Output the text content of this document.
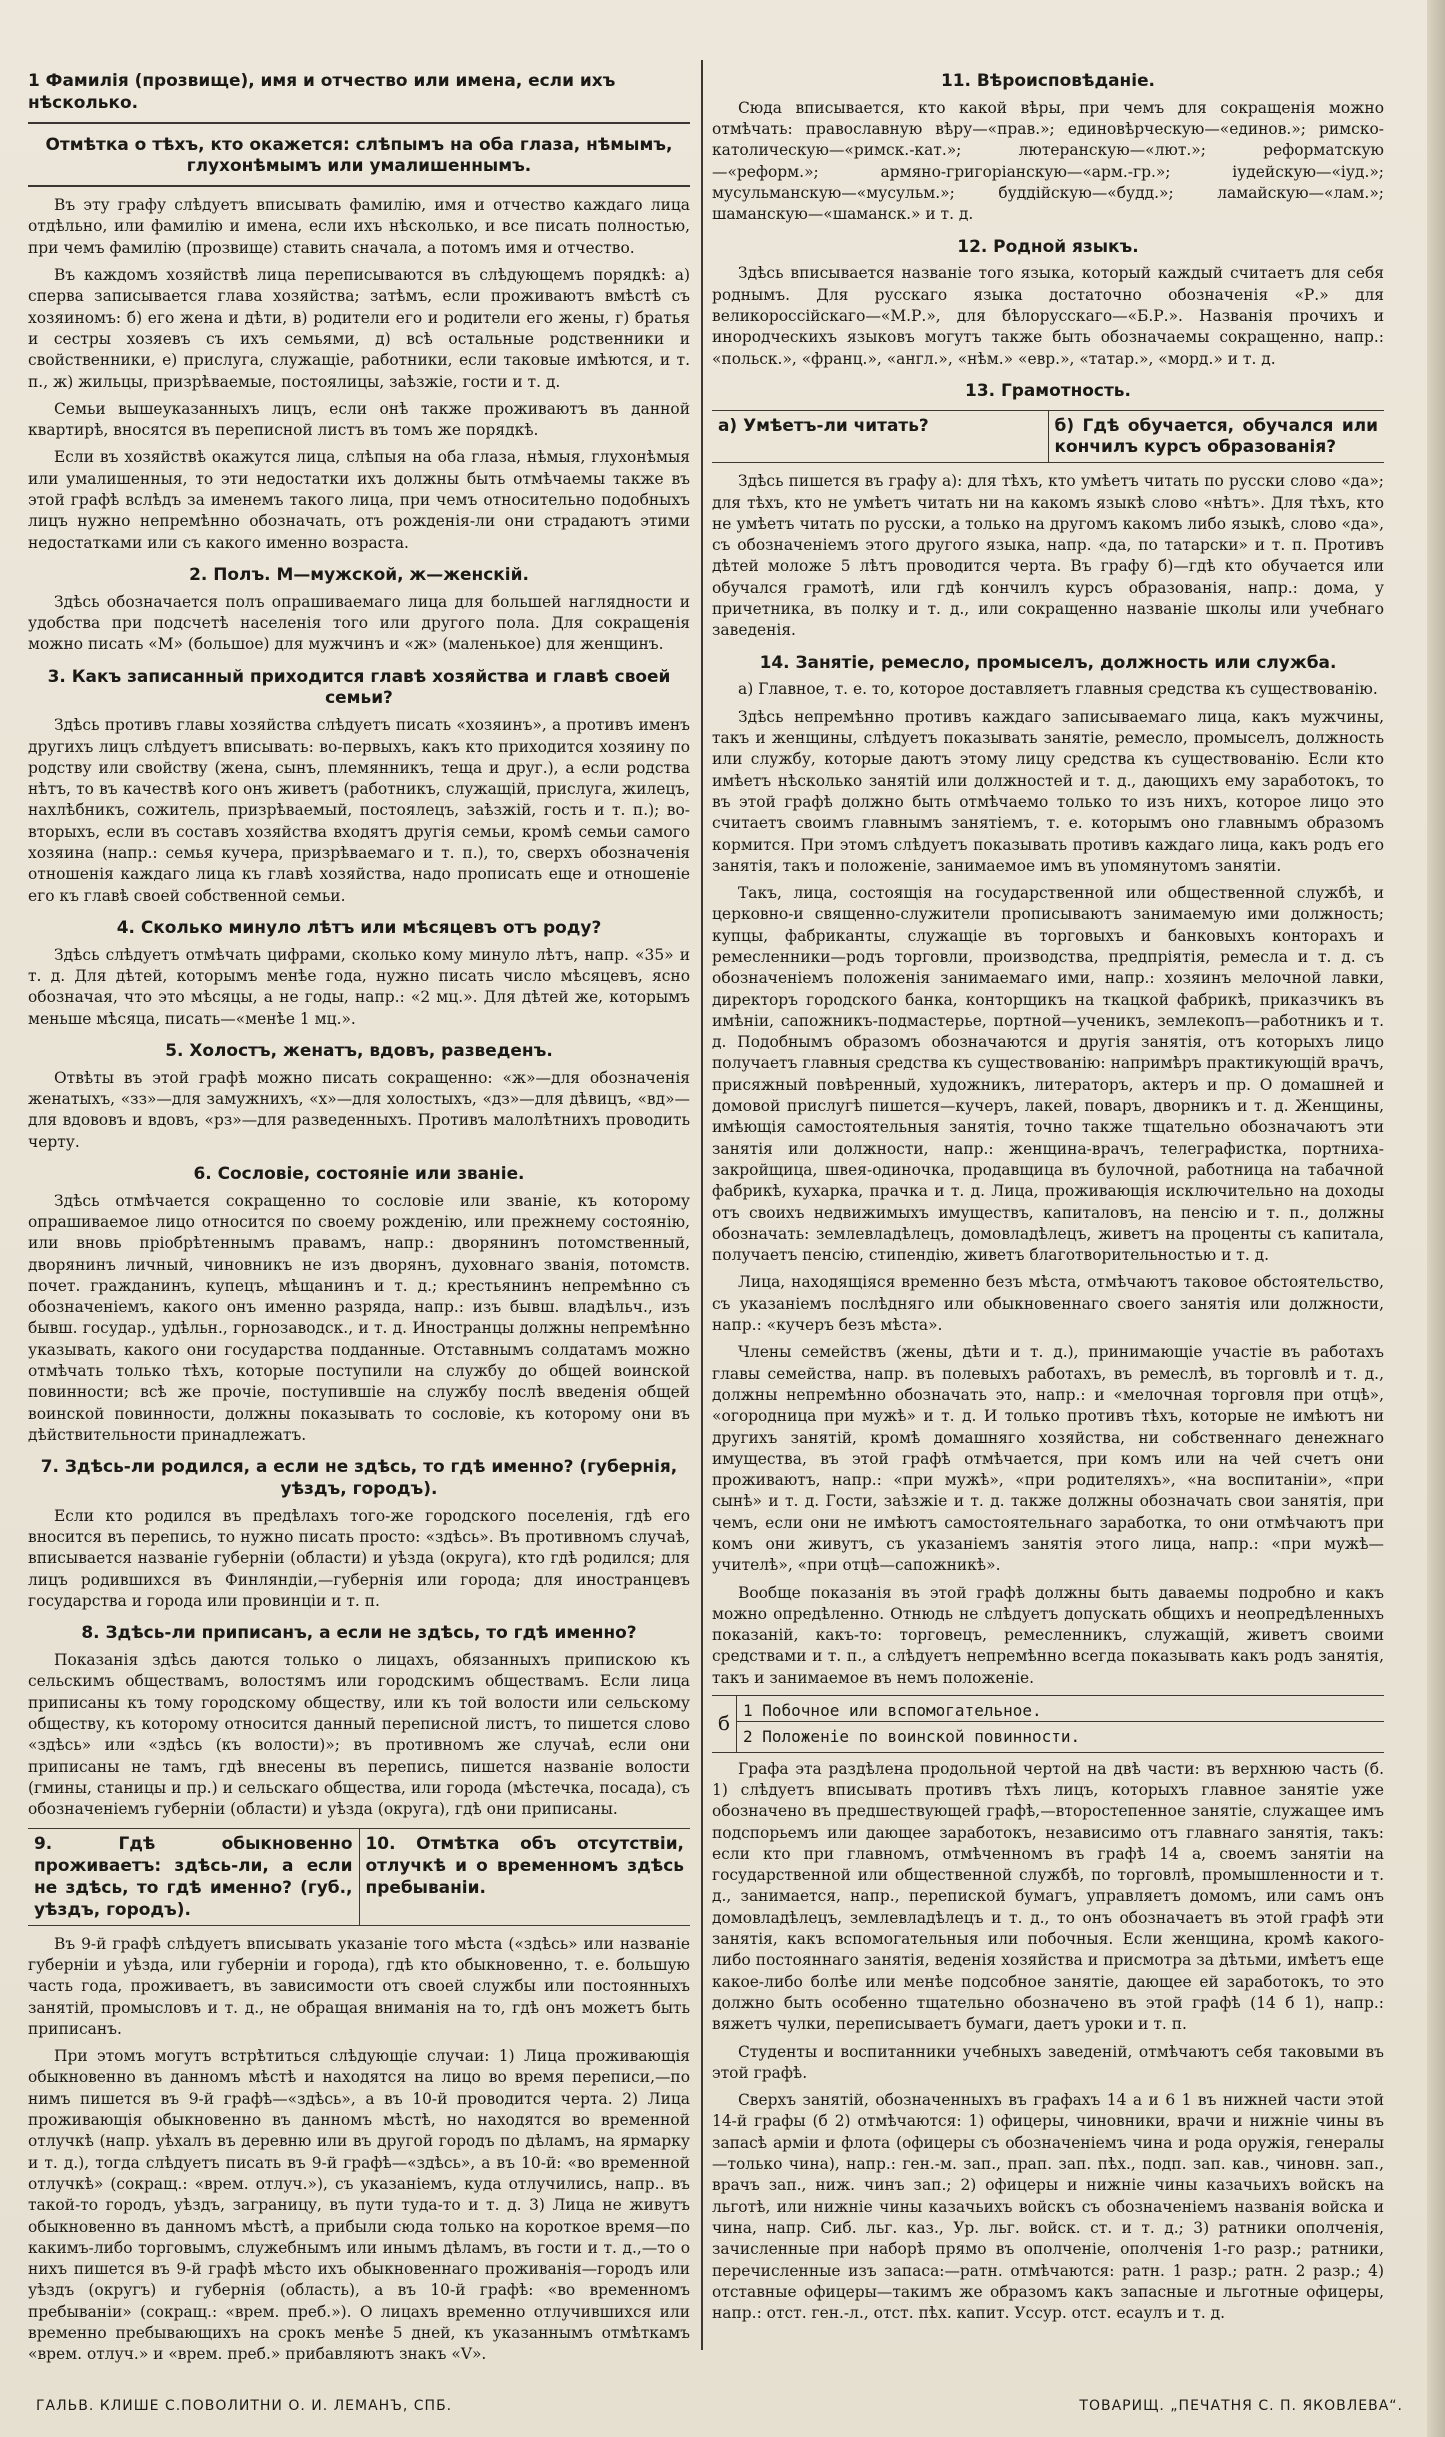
1 Фамилія (прозвище), имя и отчество или имена, если ихъ нѣсколько.
Отмѣтка о тѣхъ, кто окажется: слѣпымъ на оба глаза, нѣмымъ, глухонѣмымъ или умалишеннымъ.

Въ эту графу слѣдуетъ вписывать фамилію, имя и отчество каждаго лица отдѣльно, или фамилію и имена, если ихъ нѣсколько, и все писать полностью, при чемъ фамилію (прозвище) ставить сначала, а потомъ имя и отчество.

Въ каждомъ хозяйствѣ лица переписываются въ слѣдующемъ порядкѣ: а) сперва записывается глава хозяйства; затѣмъ, если проживаютъ вмѣстѣ съ хозяиномъ: б) его жена и дѣти, в) родители его и родители его жены, г) братья и сестры хозяевъ съ ихъ семьями, д) всѣ остальные родственники и свойственники, е) прислуга, служащіе, работники, если таковые имѣются, и т. п., ж) жильцы, призрѣваемые, постоялицы, заѣзжіе, гости и т. д.

Семьи вышеуказанныхъ лицъ, если онѣ также проживаютъ въ данной квартирѣ, вносятся въ переписной листъ въ томъ же порядкѣ.

Если въ хозяйствѣ окажутся лица, слѣпыя на оба глаза, нѣмыя, глухонѣмыя или умалишенныя, то эти недостатки ихъ должны быть отмѣчаемы также въ этой графѣ вслѣдъ за именемъ такого лица, при чемъ относительно подобныхъ лицъ нужно непремѣнно обозначать, отъ рожденія-ли они страдаютъ этими недостатками или съ какого именно возраста.

2. Полъ. М—мужской, ж—женскій.

Здѣсь обозначается полъ опрашиваемаго лица для большей наглядности и удобства при подсчетѣ населенія того или другого пола. Для сокращенія можно писать «М» (большое) для мужчинъ и «ж» (маленькое) для женщинъ.

3. Какъ записанный приходится главѣ хозяйства и главѣ своей семьи?

Здѣсь противъ главы хозяйства слѣдуетъ писать «хозяинъ», а противъ именъ другихъ лицъ слѣдуетъ вписывать: во-первыхъ, какъ кто приходится хозяину по родству или свойству (жена, сынъ, племянникъ, теща и друг.), а если родства нѣтъ, то въ качествѣ кого онъ живетъ (работникъ, служащій, прислуга, жилецъ, нахлѣбникъ, сожитель, призрѣваемый, постоялецъ, заѣзжій, гость и т. п.); во-вторыхъ, если въ составъ хозяйства входятъ другія семьи, кромѣ семьи самого хозяина (напр.: семья кучера, призрѣваемаго и т. п.), то, сверхъ обозначенія отношенія каждаго лица къ главѣ хозяйства, надо прописать еще и отношеніе его къ главѣ своей собственной семьи.

4. Сколько минуло лѣтъ или мѣсяцевъ отъ роду?

Здѣсь слѣдуетъ отмѣчать цифрами, сколько кому минуло лѣтъ, напр. «35» и т. д. Для дѣтей, которымъ менѣе года, нужно писать число мѣсяцевъ, ясно обозначая, что это мѣсяцы, а не годы, напр.: «2 мц.». Для дѣтей же, которымъ меньше мѣсяца, писать—«менѣе 1 мц.».

5. Холостъ, женатъ, вдовъ, разведенъ.

Отвѣты въ этой графѣ можно писать сокращенно: «ж»—для обозначенія женатыхъ, «зз»—для замужнихъ, «х»—для холостыхъ, «дз»—для дѣвицъ, «вд»—для вдововъ и вдовъ, «рз»—для разведенныхъ. Противъ малолѣтнихъ проводить черту.

6. Сословіе, состояніе или званіе.

Здѣсь отмѣчается сокращенно то сословіе или званіе, къ которому опрашиваемое лицо относится по своему рожденію, или прежнему состоянію, или вновь пріобрѣтеннымъ правамъ, напр.: дворянинъ потомственный, дворянинъ личный, чиновникъ не изъ дворянъ, духовнаго званія, потомств. почет. гражданинъ, купецъ, мѣщанинъ и т. д.; крестьянинъ непремѣнно съ обозначеніемъ, какого онъ именно разряда, напр.: изъ бывш. владѣльч., изъ бывш. государ., удѣльн., горнозаводск., и т. д. Иностранцы должны непремѣнно указывать, какого они государства подданные. Отставнымъ солдатамъ можно отмѣчать только тѣхъ, которые поступили на службу до общей воинской повинности; всѣ же прочіе, поступившіе на службу послѣ введенія общей воинской повинности, должны показывать то сословіе, къ которому они въ дѣйствительности принадлежатъ.

7. Здѣсь-ли родился, а если не здѣсь, то гдѣ именно? (губернія, уѣздъ, городъ).

Если кто родился въ предѣлахъ того-же городского поселенія, гдѣ его вносится въ перепись, то нужно писать просто: «здѣсь». Въ противномъ случаѣ, вписывается названіе губерніи (области) и уѣзда (округа), кто гдѣ родился; для лицъ родившихся въ Финляндіи,—губернія или города; для иностранцевъ государства и города или провинціи и т. п.

8. Здѣсь-ли приписанъ, а если не здѣсь, то гдѣ именно?

Показанія здѣсь даются только о лицахъ, обязанныхъ припискою къ сельскимъ обществамъ, волостямъ или городскимъ обществамъ. Если лица приписаны къ тому городскому обществу, или къ той волости или сельскому обществу, къ которому относится данный переписной листъ, то пишется слово «здѣсь» или «здѣсь (къ волости)»; въ противномъ же случаѣ, если они приписаны не тамъ, гдѣ внесены въ перепись, пишется названіе волости (гмины, станицы и пр.) и сельскаго общества, или города (мѣстечка, посада), съ обозначеніемъ губерніи (области) и уѣзда (округа), гдѣ они приписаны.

9. Гдѣ обыкновенно проживаетъ: здѣсь-ли, а если не здѣсь, то гдѣ именно? (губ., уѣздъ, городъ).
10. Отмѣтка объ отсутствіи, отлучкѣ и о временномъ здѣсь пребываніи.

Въ 9-й графѣ слѣдуетъ вписывать указаніе того мѣста («здѣсь» или названіе губерніи и уѣзда, или губерніи и города), гдѣ кто обыкновенно, т. е. большую часть года, проживаетъ, въ зависимости отъ своей службы или постоянныхъ занятій, промысловъ и т. д., не обращая вниманія на то, гдѣ онъ можетъ быть приписанъ.

При этомъ могутъ встрѣтиться слѣдующіе случаи: 1) Лица проживающія обыкновенно въ данномъ мѣстѣ и находятся на лицо во время переписи,—по нимъ пишется въ 9-й графѣ—«здѣсь», а въ 10-й проводится черта. 2) Лица проживающія обыкновенно въ данномъ мѣстѣ, но находятся во временной отлучкѣ (напр. уѣхалъ въ деревню или въ другой городъ по дѣламъ, на ярмарку и т. д.), тогда слѣдуетъ писать въ 9-й графѣ—«здѣсь», а въ 10-й: «во временной отлучкѣ» (сокращ.: «врем. отлуч.»), съ указаніемъ, куда отлучились, напр.. въ такой-то городъ, уѣздъ, заграницу, въ пути туда-то и т. д. 3) Лица не живутъ обыкновенно въ данномъ мѣстѣ, а прибыли сюда только на короткое время—по какимъ-либо торговымъ, служебнымъ или инымъ дѣламъ, въ гости и т. д.,—то о нихъ пишется въ 9-й графѣ мѣсто ихъ обыкновеннаго проживанія—городъ или уѣздъ (округъ) и губернія (область), а въ 10-й графѣ: «во временномъ пребываніи» (сокращ.: «врем. преб.»). О лицахъ временно отлучившихся или временно пребывающихъ на срокъ менѣе 5 дней, къ указаннымъ отмѣткамъ «врем. отлуч.» и «врем. преб.» прибавляютъ знакъ «V».

11. Вѣроисповѣданіе.

Сюда вписывается, кто какой вѣры, при чемъ для сокращенія можно отмѣчать: православную вѣру—«прав.»; единовѣрческую—«единов.»; римско-католическую—«римск.-кат.»; лютеранскую—«лют.»; реформатскую—«реформ.»; армяно-григоріанскую—«арм.-гр.»; іудейскую—«іуд.»; мусульманскую—«мусульм.»; буддійскую—«будд.»; ламайскую—«лам.»; шаманскую—«шаманск.» и т. д.

12. Родной языкъ.

Здѣсь вписывается названіе того языка, который каждый считаетъ для себя роднымъ. Для русскаго языка достаточно обозначенія «Р.» для великороссійскаго—«М.Р.», для бѣлорусскаго—«Б.Р.». Названія прочихъ и инородческихъ языковъ могутъ также быть обозначаемы сокращенно, напр.: «польск.», «франц.», «англ.», «нѣм.» «евр.», «татар.», «морд.» и т. д.

13. Грамотность.
а) Умѣетъ-ли читать?	б) Гдѣ обучается, обучался или кончилъ курсъ образованія?

Здѣсь пишется въ графу а): для тѣхъ, кто умѣетъ читать по русски слово «да»; для тѣхъ, кто не умѣетъ читать ни на какомъ языкѣ слово «нѣтъ». Для тѣхъ, кто не умѣетъ читать по русски, а только на другомъ какомъ либо языкѣ, слово «да», съ обозначеніемъ этого другого языка, напр. «да, по татарски» и т. п. Противъ дѣтей моложе 5 лѣтъ проводится черта. Въ графу б)—гдѣ кто обучается или обучался грамотѣ, или гдѣ кончилъ курсъ образованія, напр.: дома, у причетника, въ полку и т. д., или сокращенно названіе школы или учебнаго заведенія.

14. Занятіе, ремесло, промыселъ, должность или служба.

а) Главное, т. е. то, которое доставляетъ главныя средства къ существованію.

Здѣсь непремѣнно противъ каждаго записываемаго лица, какъ мужчины, такъ и женщины, слѣдуетъ показывать занятіе, ремесло, промыселъ, должность или службу, которые даютъ этому лицу средства къ существованію. Если кто имѣетъ нѣсколько занятій или должностей и т. д., дающихъ ему заработокъ, то въ этой графѣ должно быть отмѣчаемо только то изъ нихъ, которое лицо это считаетъ своимъ главнымъ занятіемъ, т. е. которымъ оно главнымъ образомъ кормится. При этомъ слѣдуетъ показывать противъ каждаго лица, какъ родъ его занятія, такъ и положеніе, занимаемое имъ въ упомянутомъ занятіи.

Такъ, лица, состоящія на государственной или общественной службѣ, и церковно-и священно-служители прописываютъ занимаемую ими должность; купцы, фабриканты, служащіе въ торговыхъ и банковыхъ конторахъ и ремесленники—родъ торговли, производства, предпріятія, ремесла и т. д. съ обозначеніемъ положенія занимаемаго ими, напр.: хозяинъ мелочной лавки, директоръ городского банка, конторщикъ на ткацкой фабрикѣ, приказчикъ въ имѣніи, сапожникъ-подмастерье, портной—ученикъ, землекопъ—работникъ и т. д. Подобнымъ образомъ обозначаются и другія занятія, отъ которыхъ лицо получаетъ главныя средства къ существованію: напримѣръ практикующій врачъ, присяжный повѣренный, художникъ, литераторъ, актеръ и пр. О домашней и домовой прислугѣ пишется—кучеръ, лакей, поваръ, дворникъ и т. д. Женщины, имѣющія самостоятельныя занятія, точно также тщательно обозначаютъ эти занятія или должности, напр.: женщина-врачъ, телеграфистка, портниха-закройщица, швея-одиночка, продавщица въ булочной, работница на табачной фабрикѣ, кухарка, прачка и т. д. Лица, проживающія исключительно на доходы отъ своихъ недвижимыхъ имуществъ, капиталовъ, на пенсію и т. п., должны обозначать: землевладѣлецъ, домовладѣлецъ, живетъ на проценты съ капитала, получаетъ пенсію, стипендію, живетъ благотворительностью и т. д.

Лица, находящіяся временно безъ мѣста, отмѣчаютъ таковое обстоятельство, съ указаніемъ послѣдняго или обыкновеннаго своего занятія или должности, напр.: «кучеръ безъ мѣста».

Члены семействъ (жены, дѣти и т. д.), принимающіе участіе въ работахъ главы семейства, напр. въ полевыхъ работахъ, въ ремеслѣ, въ торговлѣ и т. д., должны непремѣнно обозначать это, напр.: и «мелочная торговля при отцѣ», «огородница при мужѣ» и т. д. И только противъ тѣхъ, которые не имѣютъ ни другихъ занятій, кромѣ домашняго хозяйства, ни собственнаго денежнаго имущества, въ этой графѣ отмѣчается, при комъ или на чей счетъ они проживаютъ, напр.: «при мужѣ», «при родителяхъ», «на воспитаніи», «при сынѣ» и т. д. Гости, заѣзжіе и т. д. также должны обозначать свои занятія, при чемъ, если они не имѣютъ самостоятельнаго заработка, то они отмѣчаютъ при комъ они живутъ, съ указаніемъ занятія этого лица, напр.: «при мужѣ—учителѣ», «при отцѣ—сапожникѣ».

Вообще показанія въ этой графѣ должны быть даваемы подробно и какъ можно опредѣленно. Отнюдь не слѣдуетъ допускать общихъ и неопредѣленныхъ показаній, какъ-то: торговецъ, ремесленникъ, служащій, живетъ своими средствами и т. п., а слѣдуетъ непремѣнно всегда показывать какъ родъ занятія, такъ и занимаемое въ немъ положеніе.

б
1 Побочное или вспомогательное.
2 Положеніе по воинской повинности.

Графа эта раздѣлена продольной чертой на двѣ части: въ верхнюю часть (б. 1) слѣдуетъ вписывать противъ тѣхъ лицъ, которыхъ главное занятіе уже обозначено въ предшествующей графѣ,—второстепенное занятіе, служащее имъ подспорьемъ или дающее заработокъ, независимо отъ главнаго занятія, такъ: если кто при главномъ, отмѣченномъ въ графѣ 14 а, своемъ занятіи на государственной или общественной службѣ, по торговлѣ, промышленности и т. д., занимается, напр., перепиской бумагъ, управляетъ домомъ, или самъ онъ домовладѣлецъ, землевладѣлецъ и т. д., то онъ обозначаетъ въ этой графѣ эти занятія, какъ вспомогательныя или побочныя. Если женщина, кромѣ какого-либо постояннаго занятія, веденія хозяйства и присмотра за дѣтьми, имѣетъ еще какое-либо болѣе или менѣе подсобное занятіе, дающее ей заработокъ, то это должно быть особенно тщательно обозначено въ этой графѣ (14 б 1), напр.: вяжетъ чулки, переписываетъ бумаги, даетъ уроки и т. п.

Студенты и воспитанники учебныхъ заведеній, отмѣчаютъ себя таковыми въ этой графѣ.

Сверхъ занятій, обозначенныхъ въ графахъ 14 а и 6 1 въ нижней части этой 14-й графы (б 2) отмѣчаются: 1) офицеры, чиновники, врачи и нижніе чины въ запасѣ арміи и флота (офицеры съ обозначеніемъ чина и рода оружія, генералы—только чина), напр.: ген.-м. зап., прап. зап. пѣх., подп. зап. кав., чиновн. зап., врачъ зап., ниж. чинъ зап.; 2) офицеры и нижніе чины казачьихъ войскъ на льготѣ, или нижніе чины казачьихъ войскъ съ обозначеніемъ названія войска и чина, напр. Сиб. льг. каз., Ур. льг. войск. ст. и т. д.; 3) ратники ополченія, зачисленные при наборѣ прямо въ ополченіе, ополченія 1-го разр.; ратники, перечисленные изъ запаса:—ратн. отмѣчаются: ратн. 1 разр.; ратн. 2 разр.; 4) отставные офицеры—такимъ же образомъ какъ запасные и льготные офицеры, напр.: отст. ген.-л., отст. пѣх. капит. Уссур. отст. есаулъ и т. д.

ГАЛЬВ. КЛИШЕ С.ПОВОЛИТНИ О. И. ЛЕМАНЪ, СПБ.	ТОВАРИЩ. „ПЕЧАТНЯ С. П. ЯКОВЛЕВА“.
